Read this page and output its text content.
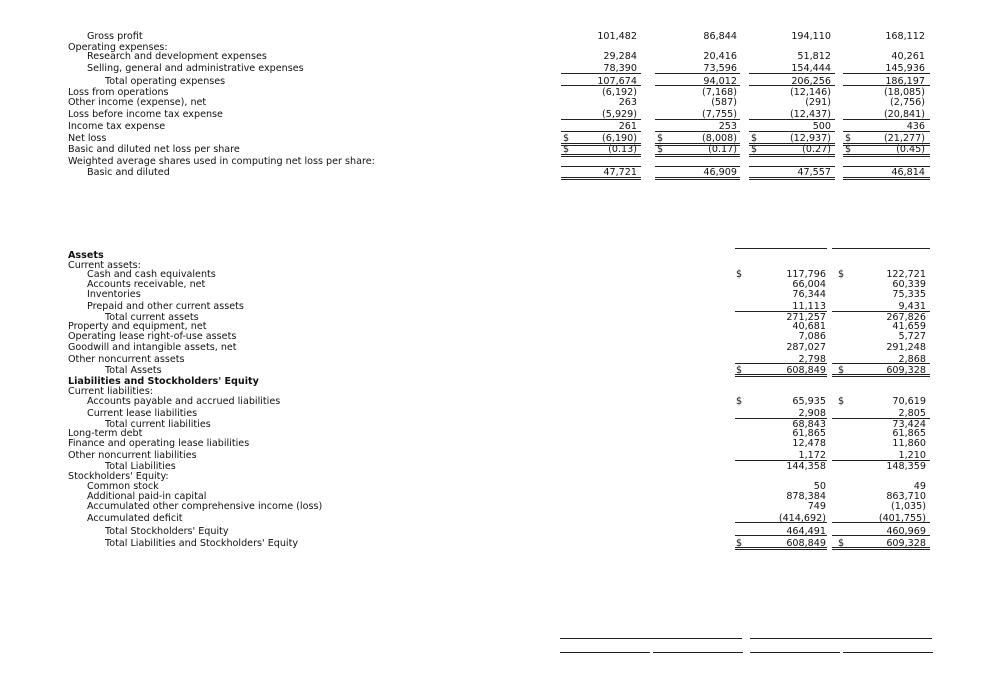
Gross profit	101,482	86,844	194,110	168,112
Operating expenses:
Research and development expenses	29,284	20,416	51,812	40,261
Selling, general and administrative expenses	78,390	73,596	154,444	145,936
Total operating expenses	107,674	94,012	206,256	186,197
Loss from operations	(6,192)	(7,168)	(12,146)	(18,085)
Other income (expense), net	263	(587)	(291)	(2,756)
Loss before income tax expense	(5,929)	(7,755)	(12,437)	(20,841)
Income tax expense	261	253	500	436
Net loss	$	(6,190) $	(8,008) $	(12,937) $	(21,277)
Basic and diluted net loss per share	$	(0.13) $	(0.17) $	(0.27) $	(0.45)
Weighted average shares used in computing net loss per share:
Basic and diluted	47,721	46,909	47,557	46,814
Assets
Current assets:
Cash and cash equivalents	$	117,796 $	122,721
Accounts receivable, net	66,004	60,339
Inventories	76,344	75,335
Prepaid and other current assets	11,113	9,431
Total current assets	271,257	267,826
Property and equipment, net	40,681	41,659
Operating lease right-of-use assets	7,086	5,727
Goodwill and intangible assets, net	287,027	291,248
Other noncurrent assets	2,798	2,868
Total Assets	$	608,849 $	609,328
Liabilities and Stockholders' Equity
Current liabilities:
Accounts payable and accrued liabilities	$	65,935 $	70,619
Current lease liabilities	2,908	2,805
Total current liabilities	68,843	73,424
Long-term debt	61,865	61,865
Finance and operating lease liabilities	12,478	11,860
Other noncurrent liabilities	1,172	1,210
Total Liabilities	144,358	148,359
Stockholders' Equity:
Common stock	50	49
Additional paid-in capital	878,384	863,710
Accumulated other comprehensive income (loss)	749	(1,035)
Accumulated deficit	(414,692)	(401,755)
Total Stockholders' Equity	464,491	460,969
Total Liabilities and Stockholders' Equity	$	608,849 $	609,328
